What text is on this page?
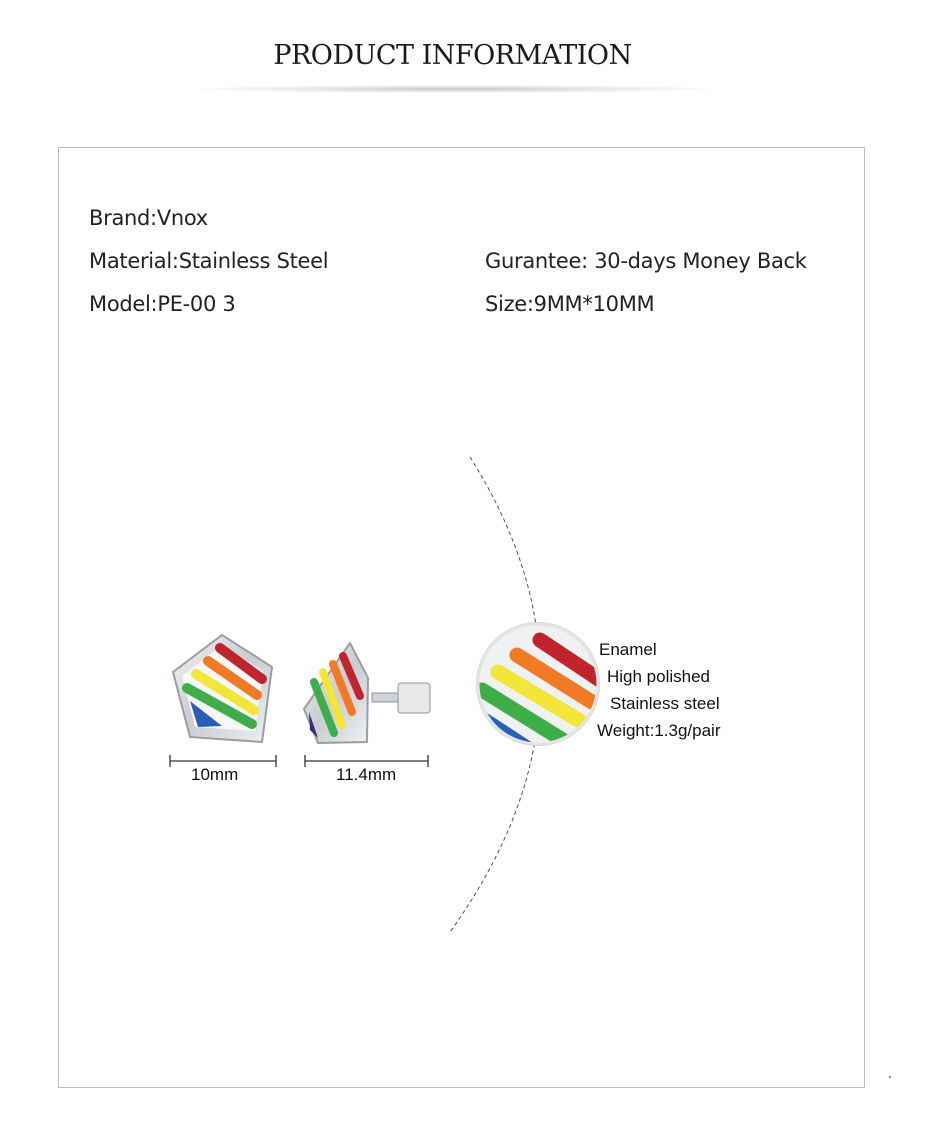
PRODUCT INFORMATION
Brand:Vnox
Material:Stainless Steel
Model:PE-00 3
Gurantee: 30-days Money Back
Size:9MM*10MM
10mm	11.4mm
Enamel
High polished
Stainless steel
Weight:1.3g/pair
